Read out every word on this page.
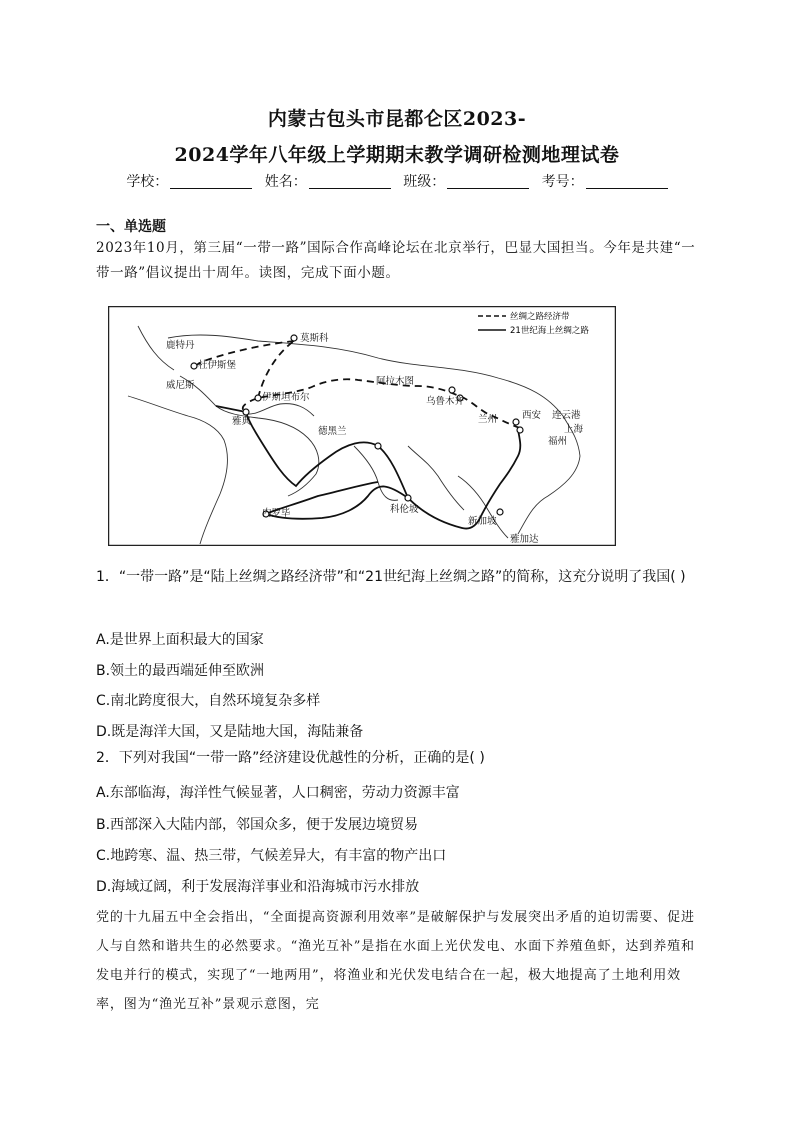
内蒙古包头市昆都仑区2023-
2024学年八年级上学期期末教学调研检测地理试卷
学校：	姓名：	班级：	考号：
一、单选题
2023年10月，第三届“一带一路”国际合作高峰论坛在北京举行，巴显大国担当。今年是共建“一带一路”倡议提出十周年。读图，完成下面小题。
丝绸之路经济带
21世纪海上丝绸之路
鹿特丹
莫斯科
杜伊斯堡
威尼斯
伊斯坦布尔
雅典
阿拉木图
乌鲁木齐
兰州	西安 连云港
上海
福州
德黑兰
科伦坡
内罗毕
新加坡
雅加达
1．“一带一路”是“陆上丝绸之路经济带”和“21世纪海上丝绸之路”的简称，这充分说明了我国( )
A.是世界上面积最大的国家
B.领土的最西端延伸至欧洲
C.南北跨度很大，自然环境复杂多样
D.既是海洋大国，又是陆地大国，海陆兼备
2．下列对我国“一带一路”经济建设优越性的分析，正确的是( )
A.东部临海，海洋性气候显著，人口稠密，劳动力资源丰富
B.西部深入大陆内部，邻国众多，便于发展边境贸易
C.地跨寒、温、热三带，气候差异大，有丰富的物产出口
D.海域辽阔，利于发展海洋事业和沿海城市污水排放
党的十九届五中全会指出，“全面提高资源利用效率”是破解保护与发展突出矛盾的迫切需要、促进人与自然和谐共生的必然要求。“渔光互补”是指在水面上光伏发电、水面下养殖鱼虾，达到养殖和发电并行的模式，实现了“一地两用”，将渔业和光伏发电结合在一起，极大地提高了土地利用效率，图为“渔光互补”景观示意图，完
